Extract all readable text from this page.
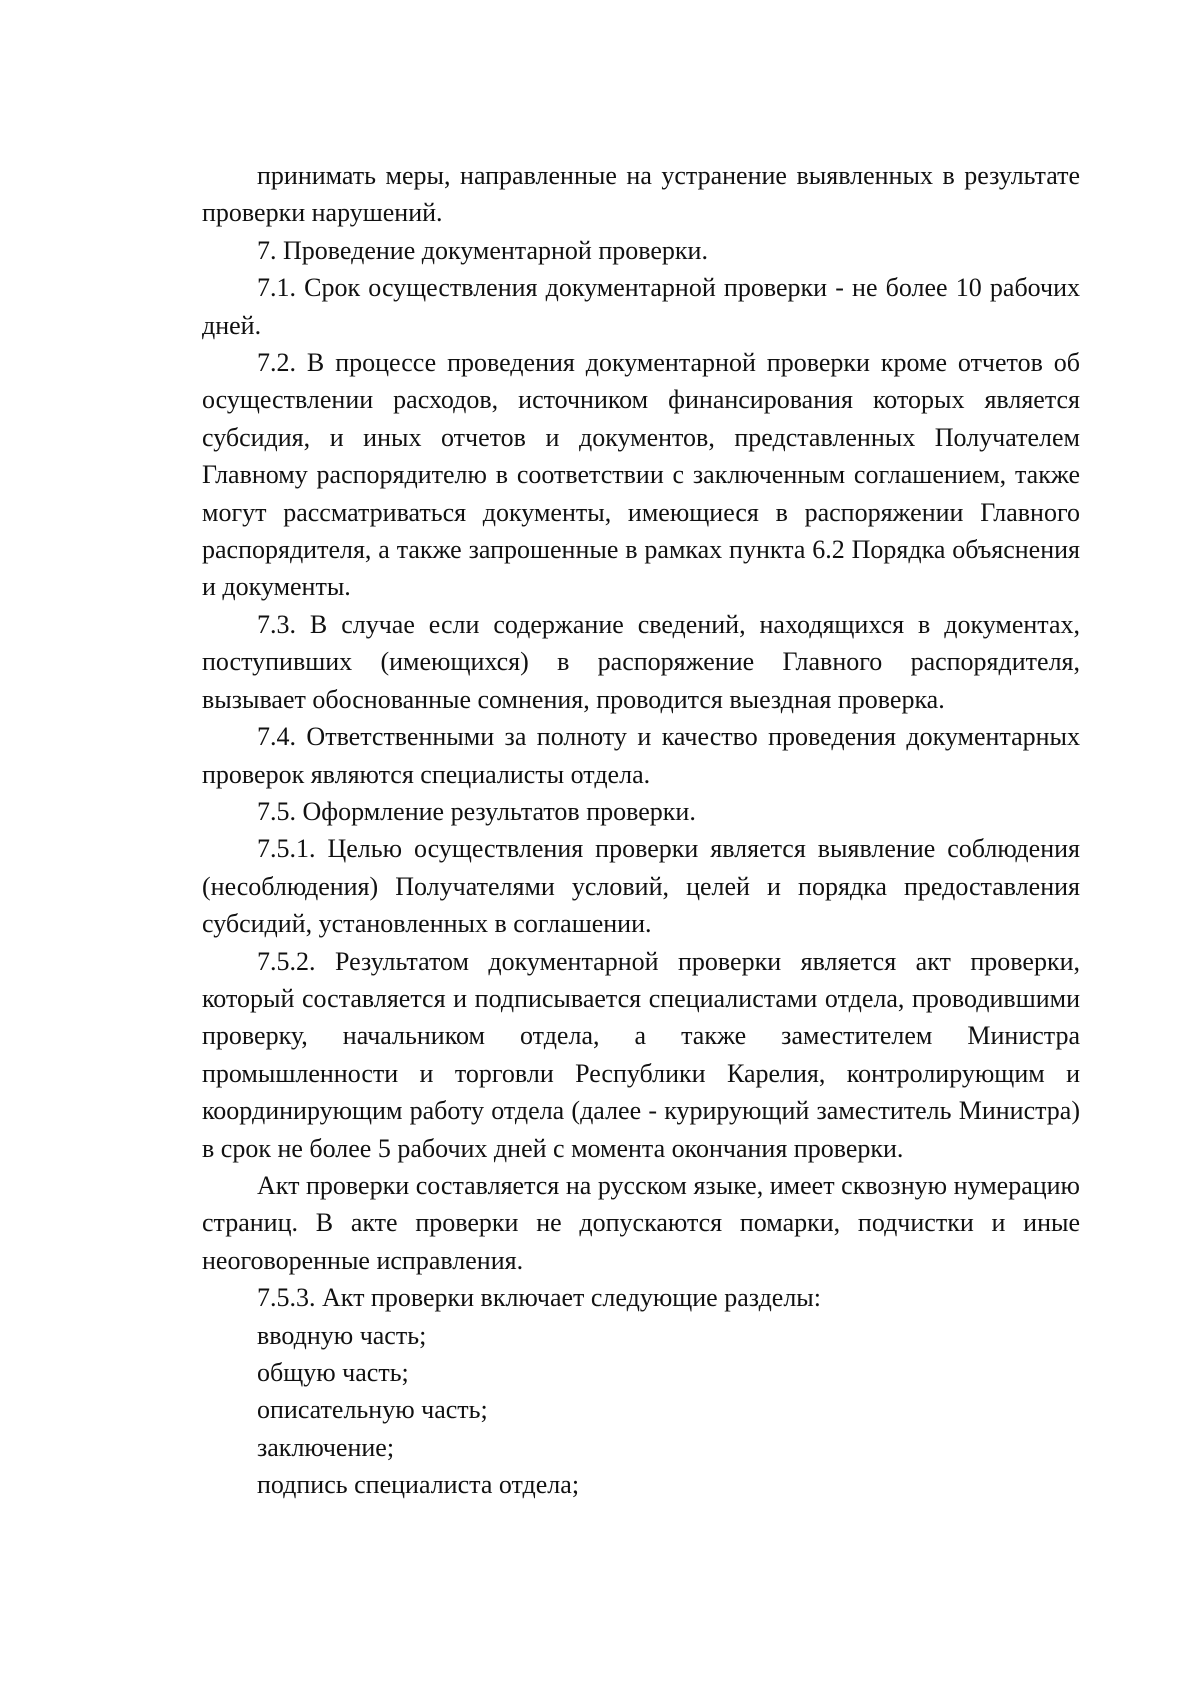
принимать меры, направленные на устранение выявленных в результате проверки нарушений.

7. Проведение документарной проверки.

7.1. Срок осуществления документарной проверки - не более 10 рабочих дней.

7.2. В процессе проведения документарной проверки кроме отчетов об осуществлении расходов, источником финансирования которых является субсидия, и иных отчетов и документов, представленных Получателем Главному распорядителю в соответствии с заключенным соглашением, также могут рассматриваться документы, имеющиеся в распоряжении Главного распорядителя, а также запрошенные в рамках пункта 6.2 Порядка объяснения и документы.

7.3. В случае если содержание сведений, находящихся в документах, поступивших (имеющихся) в распоряжение Главного распорядителя, вызывает обоснованные сомнения, проводится выездная проверка.

7.4. Ответственными за полноту и качество проведения документарных проверок являются специалисты отдела.

7.5. Оформление результатов проверки.

7.5.1. Целью осуществления проверки является выявление соблюдения (несоблюдения) Получателями условий, целей и порядка предоставления субсидий, установленных в соглашении.

7.5.2. Результатом документарной проверки является акт проверки, который составляется и подписывается специалистами отдела, проводившими проверку, начальником отдела, а также заместителем Министра промышленности и торговли Республики Карелия, контролирующим и координирующим работу отдела (далее - курирующий заместитель Министра) в срок не более 5 рабочих дней с момента окончания проверки.

Акт проверки составляется на русском языке, имеет сквозную нумерацию страниц. В акте проверки не допускаются помарки, подчистки и иные неоговоренные исправления.

7.5.3. Акт проверки включает следующие разделы:

вводную часть;

общую часть;

описательную часть;

заключение;

подпись специалиста отдела;
